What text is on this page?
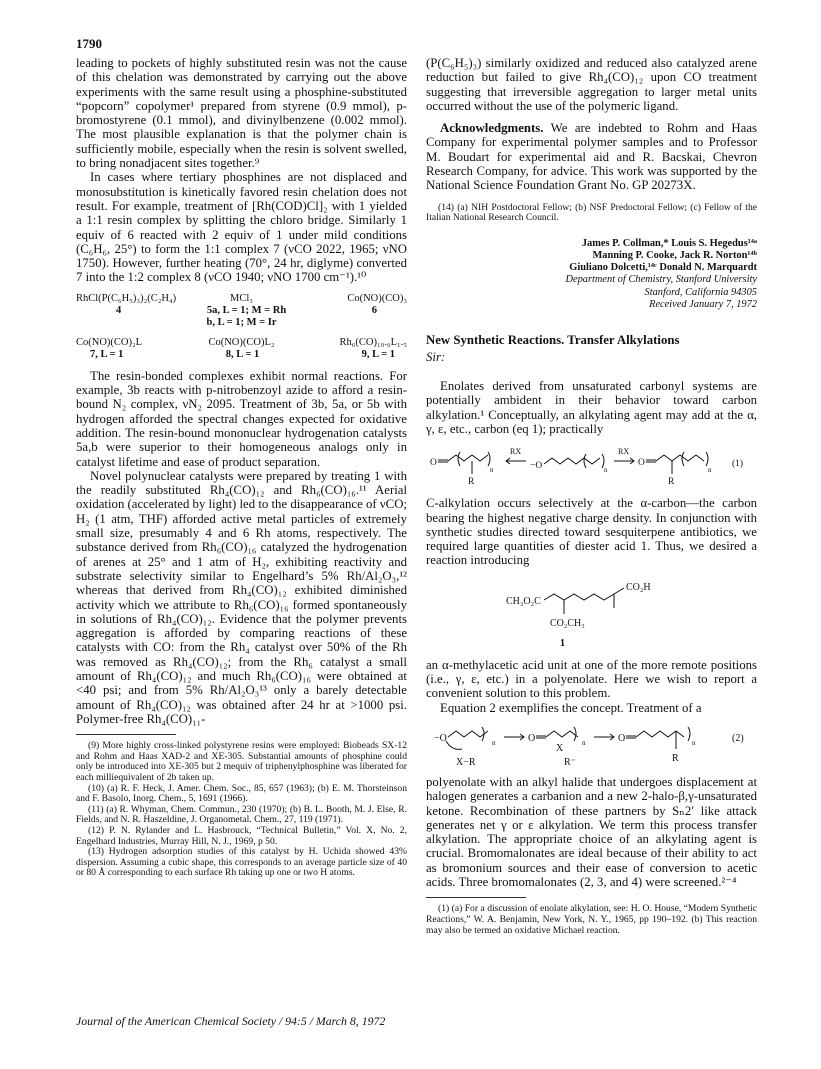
1790

leading to pockets of highly substituted resin was not the cause of this chelation was demonstrated by carrying out the above experiments with the same result using a phosphine-substituted “popcorn” copolymer¹ prepared from styrene (0.9 mmol), p-bromostyrene (0.1 mmol), and divinylbenzene (0.002 mmol). The most plausible explanation is that the polymer chain is sufficiently mobile, especially when the resin is solvent swelled, to bring nonadjacent sites together.⁹

In cases where tertiary phosphines are not displaced and monosubstitution is kinetically favored resin chelation does not result. For example, treatment of [Rh(COD)Cl]₂ with 1 yielded a 1:1 resin complex by splitting the chloro bridge. Similarly 1 equiv of 6 reacted with 2 equiv of 1 under mild conditions (C₆H₆, 25°) to form the 1:1 complex 7 (νCO 2022, 1965; νNO 1750). However, further heating (70°, 24 hr, diglyme) converted 7 into the 1:2 complex 8 (νCO 1940; νNO 1700 cm⁻¹).¹⁰

RhCl(P(C₆H₅)₃)₂(C₂H₄)	MCl₃	Co(NO)(CO)₃
4	5a, L = 1; M = Rh	6
b, L = 1; M = Ir
Co(NO)(CO)₂L	Co(NO)(CO)L₂	Rh₆(CO)₁₀.₆L₁.₅
7, L = 1	8, L = 1	9, L = 1

The resin-bonded complexes exhibit normal reactions. For example, 3b reacts with p-nitrobenzoyl azide to afford a resin-bound N₂ complex, νN₂ 2095. Treatment of 3b, 5a, or 5b with hydrogen afforded the spectral changes expected for oxidative addition. The resin-bound mononuclear hydrogenation catalysts 5a,b were superior to their homogeneous analogs only in catalyst lifetime and ease of product separation.

Novel polynuclear catalysts were prepared by treating 1 with the readily substituted Rh₄(CO)₁₂ and Rh₆(CO)₁₆.¹¹ Aerial oxidation (accelerated by light) led to the disappearance of νCO; H₂ (1 atm, THF) afforded active metal particles of extremely small size, presumably 4 and 6 Rh atoms, respectively. The substance derived from Rh₆(CO)₁₆ catalyzed the hydrogenation of arenes at 25° and 1 atm of H₂, exhibiting reactivity and substrate selectivity similar to Engelhard’s 5% Rh/Al₂O₃,¹² whereas that derived from Rh₄(CO)₁₂ exhibited diminished activity which we attribute to Rh₆(CO)₁₆ formed spontaneously in solutions of Rh₄(CO)₁₂. Evidence that the polymer prevents aggregation is afforded by comparing reactions of these catalysts with CO: from the Rh₄ catalyst over 50% of the Rh was removed as Rh₄(CO)₁₂; from the Rh₆ catalyst a small amount of Rh₄(CO)₁₂ and much Rh₆(CO)₁₆ were obtained at <40 psi; and from 5% Rh/Al₂O₃¹³ only a barely detectable amount of Rh₄(CO)₁₂ was obtained after 24 hr at >1000 psi. Polymer-free Rh₄(CO)₁₁-

(9) More highly cross-linked polystyrene resins were employed: Biobeads SX-12 and Rohm and Haas XAD-2 and XE-305. Substantial amounts of phosphine could only be introduced into XE-305 but 2 mequiv of triphenylphosphine was liberated for each milliequivalent of 2b taken up.

(10) (a) R. F. Heck, J. Amer. Chem. Soc., 85, 657 (1963); (b) E. M. Thorsteinson and F. Basolo, Inorg. Chem., 5, 1691 (1966).

(11) (a) R. Whyman, Chem. Commun., 230 (1970); (b) B. L. Booth, M. J. Else, R. Fields, and N. R. Haszeldine, J. Organometal. Chem., 27, 119 (1971).

(12) P. N. Rylander and L. Hasbrouck, “Technical Bulletin,” Vol. X, No. 2, Engelhard Industries, Murray Hill, N. J., 1969, p 50.

(13) Hydrogen adsorption studies of this catalyst by H. Uchida showed 43% dispersion. Assuming a cubic shape, this corresponds to an average particle size of 40 or 80 Å corresponding to each surface Rh taking up one or two H atoms.

(P(C₆H₅)₃) similarly oxidized and reduced also catalyzed arene reduction but failed to give Rh₄(CO)₁₂ upon CO treatment suggesting that irreversible aggregation to larger metal units occurred without the use of the polymeric ligand.

Acknowledgments. We are indebted to Rohm and Haas Company for experimental polymer samples and to Professor M. Boudart for experimental aid and R. Bacskai, Chevron Research Company, for advice. This work was supported by the National Science Foundation Grant No. GP 20273X.

(14) (a) NIH Postdoctoral Fellow; (b) NSF Predoctoral Fellow; (c) Fellow of the Italian National Research Council.

James P. Collman,* Louis S. Hegedus¹⁴ᵃ
Manning P. Cooke, Jack R. Norton¹⁴ᵇ
Giuliano Dolcetti,¹⁴ᶜ Donald N. Marquardt
Department of Chemistry, Stanford University
Stanford, California 94305
Received January 7, 1972
New Synthetic Reactions. Transfer Alkylations
Sir:

Enolates derived from unsaturated carbonyl systems are potentially ambident in their behavior toward carbon alkylation.¹ Conceptually, an alkylating agent may add at the α, γ, ε, etc., carbon (eq 1); practically

O
R
n
RX
−O	n
RX
O
R
n
(1)

C-alkylation occurs selectively at the α-carbon—the carbon bearing the highest negative charge density. In conjunction with synthetic studies directed toward sesquiterpene antibiotics, we required large quantities of diester acid 1. Thus, we desired a reaction introducing

CH₃O₂C
CO₂H
CO₂CH₃
1

an α-methylacetic acid unit at one of the more remote positions (i.e., γ, ε, etc.) in a polyenolate. Here we wish to report a convenient solution to this problem.

Equation 2 exemplifies the concept. Treatment of a

−O
X−R
n	O
X	n
R⁻
O	n
R
(2)

polyenolate with an alkyl halide that undergoes displacement at halogen generates a carbanion and a new 2-halo-β,γ-unsaturated ketone. Recombination of these partners by Sₙ2′ like attack generates net γ or ε alkylation. We term this process transfer alkylation. The appropriate choice of an alkylating agent is crucial. Bromomalonates are ideal because of their ability to act as bromonium sources and their ease of conversion to acetic acids. Three bromomalonates (2, 3, and 4) were screened.²⁻⁴

(1) (a) For a discussion of enolate alkylation, see: H. O. House, “Modern Synthetic Reactions,” W. A. Benjamin, New York, N. Y., 1965, pp 190–192. (b) This reaction may also be termed an oxidative Michael reaction.

Journal of the American Chemical Society / 94:5 / March 8, 1972
